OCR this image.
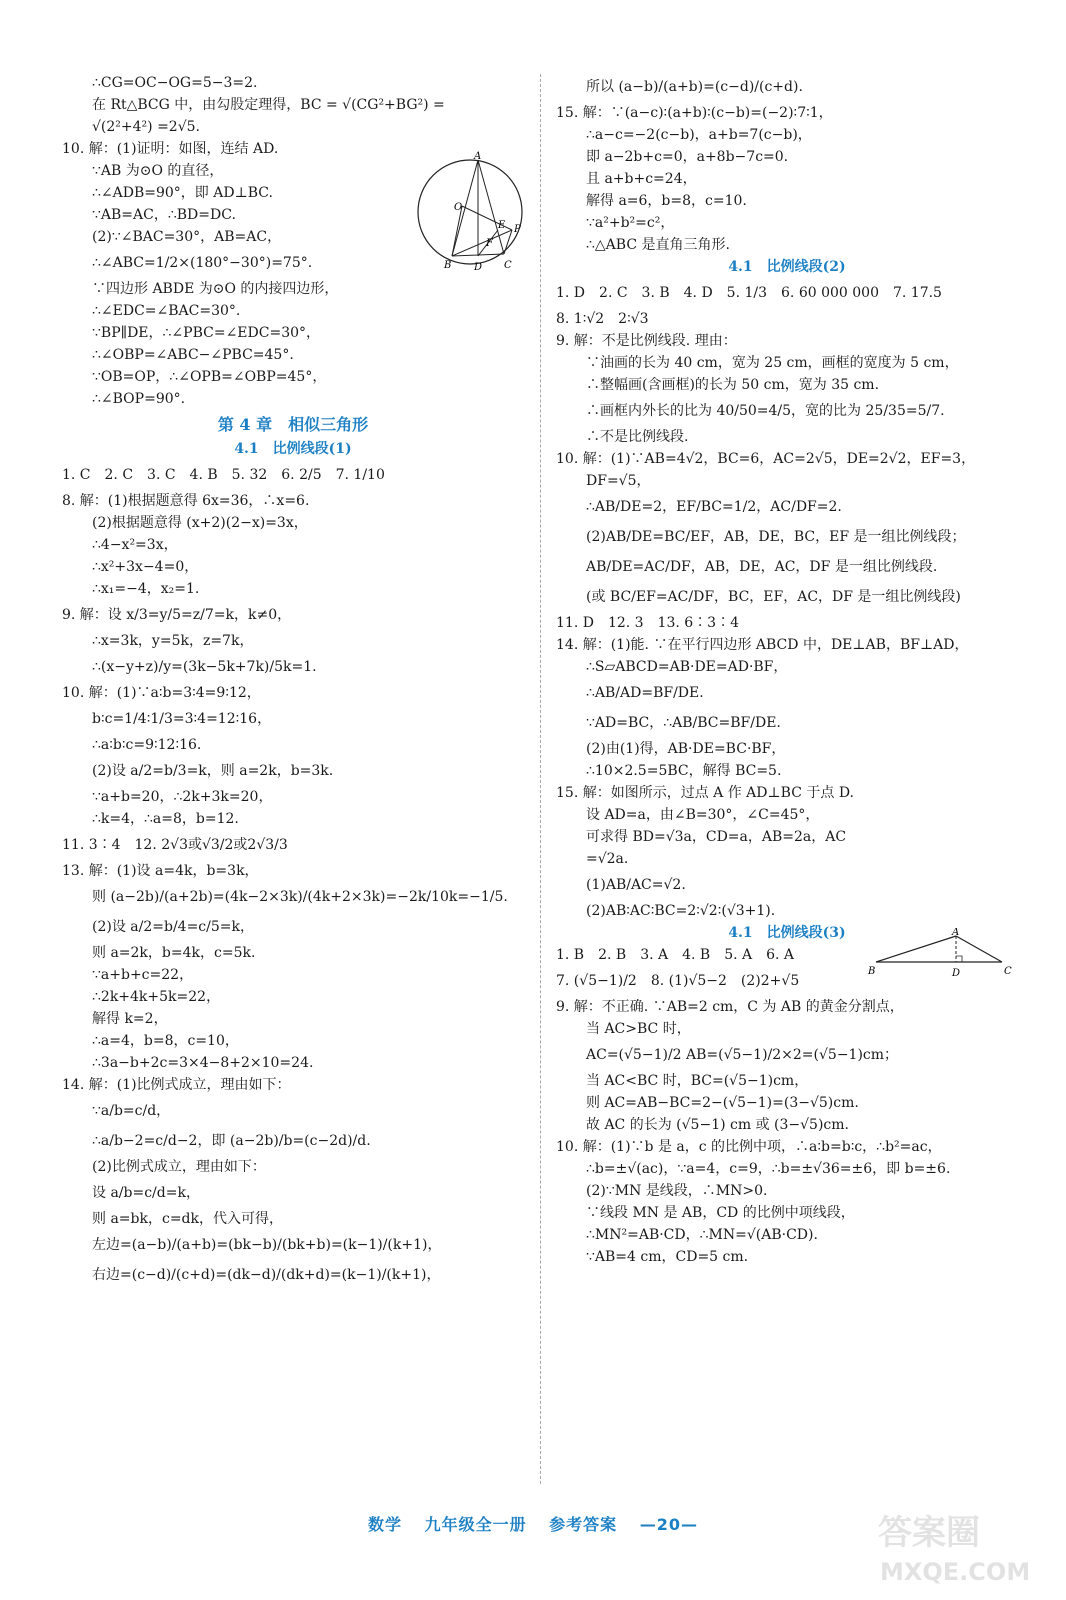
∴CG=OC−OG=5−3=2.
在 Rt△BCG 中，由勾股定理得，BC = √(CG²+BG²) =
√(2²+4²) =2√5.
10. 解：(1)证明：如图，连结 AD.
∵AB 为⊙O 的直径，
∴∠ADB=90°，即 AD⊥BC.
∵AB=AC，∴BD=DC.
(2)∵∠BAC=30°，AB=AC，
∴∠ABC=1/2×(180°−30°)=75°.
∵四边形 ABDE 为⊙O 的内接四边形，
∴∠EDC=∠BAC=30°.
∵BP∥DE，∴∠PBC=∠EDC=30°，
∴∠OBP=∠ABC−∠PBC=45°.
∵OB=OP，∴∠OPB=∠OBP=45°，
∴∠BOP=90°.
第 4 章　相似三角形
4.1　比例线段(1)
1. C　2. C　3. C　4. B　5. 32　6. 2/5　7. 1/10
8. 解：(1)根据题意得 6x=36，∴x=6.
(2)根据题意得 (x+2)(2−x)=3x，
∴4−x²=3x，
∴x²+3x−4=0，
∴x₁=−4，x₂=1.
9. 解：设 x/3=y/5=z/7=k，k≠0，
∴x=3k，y=5k，z=7k，
∴(x−y+z)/y=(3k−5k+7k)/5k=1.
10. 解：(1)∵a∶b=3∶4=9∶12，
b∶c=1/4∶1/3=3∶4=12∶16，
∴a∶b∶c=9∶12∶16.
(2)设 a/2=b/3=k，则 a=2k，b=3k.
∵a+b=20，∴2k+3k=20，
∴k=4，∴a=8，b=12.
11. 3∶4　12. 2√3或√3/2或2√3/3
13. 解：(1)设 a=4k，b=3k，
则 (a−2b)/(a+2b)=(4k−2×3k)/(4k+2×3k)=−2k/10k=−1/5.
(2)设 a/2=b/4=c/5=k，
则 a=2k，b=4k，c=5k.
∵a+b+c=22，
∴2k+4k+5k=22，
解得 k=2，
∴a=4，b=8，c=10，
∴3a−b+2c=3×4−8+2×10=24.
14. 解：(1)比例式成立，理由如下：
∵a/b=c/d，
∴a/b−2=c/d−2，即 (a−2b)/b=(c−2d)/d.
(2)比例式成立，理由如下：
设 a/b=c/d=k，
则 a=bk，c=dk，代入可得，
左边=(a−b)/(a+b)=(bk−b)/(bk+b)=(k−1)/(k+1)，
右边=(c−d)/(c+d)=(dk−d)/(dk+d)=(k−1)/(k+1)，
所以 (a−b)/(a+b)=(c−d)/(c+d).
15. 解：∵(a−c)∶(a+b)∶(c−b)=(−2)∶7∶1，
∴a−c=−2(c−b)，a+b=7(c−b)，
即 a−2b+c=0，a+8b−7c=0.
且 a+b+c=24，
解得 a=6，b=8，c=10.
∵a²+b²=c²，
∴△ABC 是直角三角形.
4.1　比例线段(2)
1. D　2. C　3. B　4. D　5. 1/3　6. 60 000 000　7. 17.5
8. 1∶√2　2∶√3
9. 解：不是比例线段. 理由：
∵油画的长为 40 cm，宽为 25 cm，画框的宽度为 5 cm，
∴整幅画(含画框)的长为 50 cm，宽为 35 cm.
∴画框内外长的比为 40/50=4/5，宽的比为 25/35=5/7.
∴不是比例线段.
10. 解：(1)∵AB=4√2，BC=6，AC=2√5，DE=2√2，EF=3，
DF=√5，
∴AB/DE=2，EF/BC=1/2，AC/DF=2.
(2)AB/DE=BC/EF，AB，DE，BC，EF 是一组比例线段；
AB/DE=AC/DF，AB，DE，AC，DF 是一组比例线段.
(或 BC/EF=AC/DF，BC，EF，AC，DF 是一组比例线段)
11. D　12. 3　13. 6∶3∶4
14. 解：(1)能. ∵在平行四边形 ABCD 中，DE⊥AB，BF⊥AD，
∴S▱ABCD=AB·DE=AD·BF，
∴AB/AD=BF/DE.
∵AD=BC，∴AB/BC=BF/DE.
(2)由(1)得，AB·DE=BC·BF，
∴10×2.5=5BC，解得 BC=5.
15. 解：如图所示，过点 A 作 AD⊥BC 于点 D.
设 AD=a，由∠B=30°，∠C=45°，
可求得 BD=√3a，CD=a，AB=2a，AC
=√2a.
(1)AB/AC=√2.
(2)AB∶AC∶BC=2∶√2∶(√3+1).
4.1　比例线段(3)
1. B　2. B　3. A　4. B　5. A　6. A
7. (√5−1)/2　8. (1)√5−2　(2)2+√5
9. 解：不正确. ∵AB=2 cm，C 为 AB 的黄金分割点，
当 AC>BC 时，
AC=(√5−1)/2 AB=(√5−1)/2×2=(√5−1)cm；
当 AC<BC 时，BC=(√5−1)cm，
则 AC=AB−BC=2−(√5−1)=(3−√5)cm.
故 AC 的长为 (√5−1) cm 或 (3−√5)cm.
10. 解：(1)∵b 是 a，c 的比例中项，∴a∶b=b∶c，∴b²=ac，
∴b=±√(ac)，∵a=4，c=9，∴b=±√36=±6，即 b=±6.
(2)∵MN 是线段，∴MN>0.
∵线段 MN 是 AB，CD 的比例中项线段，
∴MN²=AB·CD，∴MN=√(AB·CD).
∵AB=4 cm，CD=5 cm.
A
O
E
F
P
B D C
A
B	D	C
数学 九年级全一册 参考答案 —20—	答案圈
MXQE.COM
